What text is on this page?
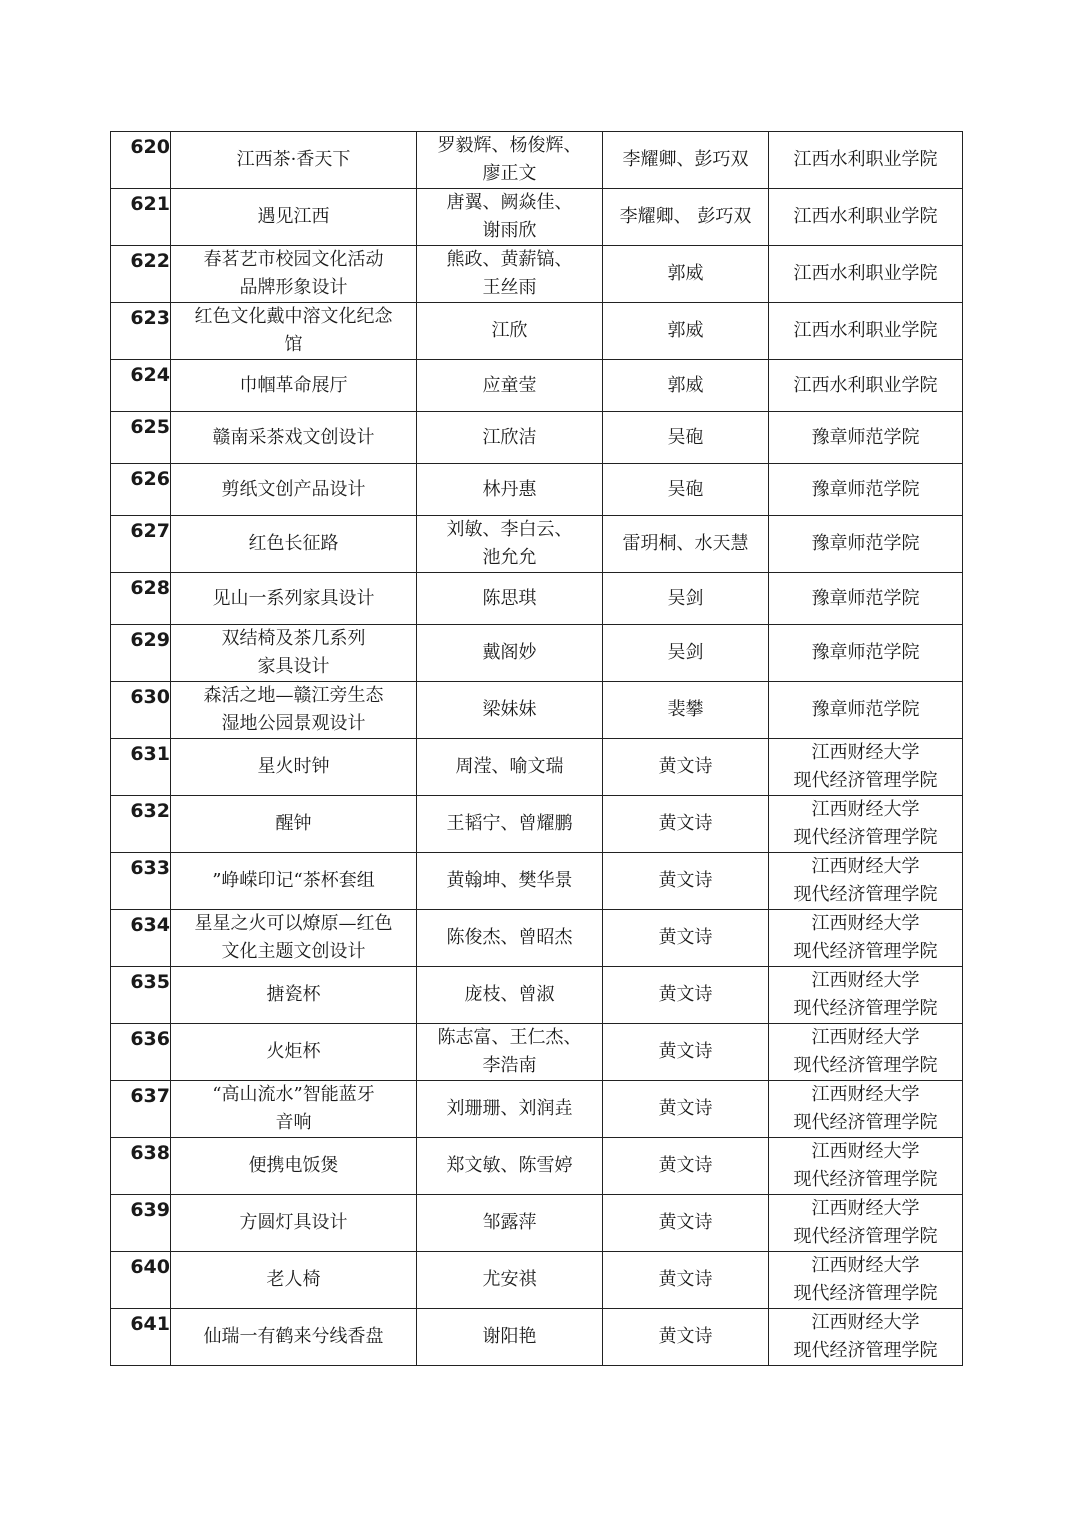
620	江西茶·香天下	罗毅辉、杨俊辉、
廖正文	李耀卿、彭巧双	江西水利职业学院

621	遇见江西	唐翼、阙焱佳、
谢雨欣	李耀卿、 彭巧双	江西水利职业学院

622	春茗艺市校园文化活动
品牌形象设计	熊政、黄薪镐、
王丝雨	郭威	江西水利职业学院

623	红色文化戴中溶文化纪念
馆	江欣	郭威	江西水利职业学院

624	巾帼革命展厅	应童莹	郭威	江西水利职业学院

625	赣南采茶戏文创设计	江欣洁	吴砲	豫章师范学院

626	剪纸文创产品设计	林丹惠	吴砲	豫章师范学院

627	红色长征路	刘敏、李白云、
池允允	雷玥桐、水天慧	豫章师范学院

628	见山一系列家具设计	陈思琪	吴剑	豫章师范学院

629	双结椅及茶几系列
家具设计	戴阁妙	吴剑	豫章师范学院

630	森活之地—赣江旁生态
湿地公园景观设计	梁妹妹	裴攀	豫章师范学院

631	星火时钟	周滢、喻文瑞	黄文诗	江西财经大学
现代经济管理学院

632	醒钟	王韬宁、曾耀鹏	黄文诗	江西财经大学
现代经济管理学院

633	”峥嵘印记“茶杯套组	黄翰坤、樊华景	黄文诗	江西财经大学
现代经济管理学院

634	星星之火可以燎原—红色
文化主题文创设计	陈俊杰、曾昭杰	黄文诗	江西财经大学
现代经济管理学院

635	搪瓷杯	庞枝、曾淑	黄文诗	江西财经大学
现代经济管理学院

636	火炬杯	陈志富、王仁杰、
李浩南	黄文诗	江西财经大学
现代经济管理学院

637	“高山流水”智能蓝牙
音响	刘珊珊、刘润垚	黄文诗	江西财经大学
现代经济管理学院

638	便携电饭煲	郑文敏、陈雪婷	黄文诗	江西财经大学
现代经济管理学院

639	方圆灯具设计	邹露萍	黄文诗	江西财经大学
现代经济管理学院

640	老人椅	尤安祺	黄文诗	江西财经大学
现代经济管理学院

641	仙瑞一有鹤来兮线香盘	谢阳艳	黄文诗	江西财经大学
现代经济管理学院
